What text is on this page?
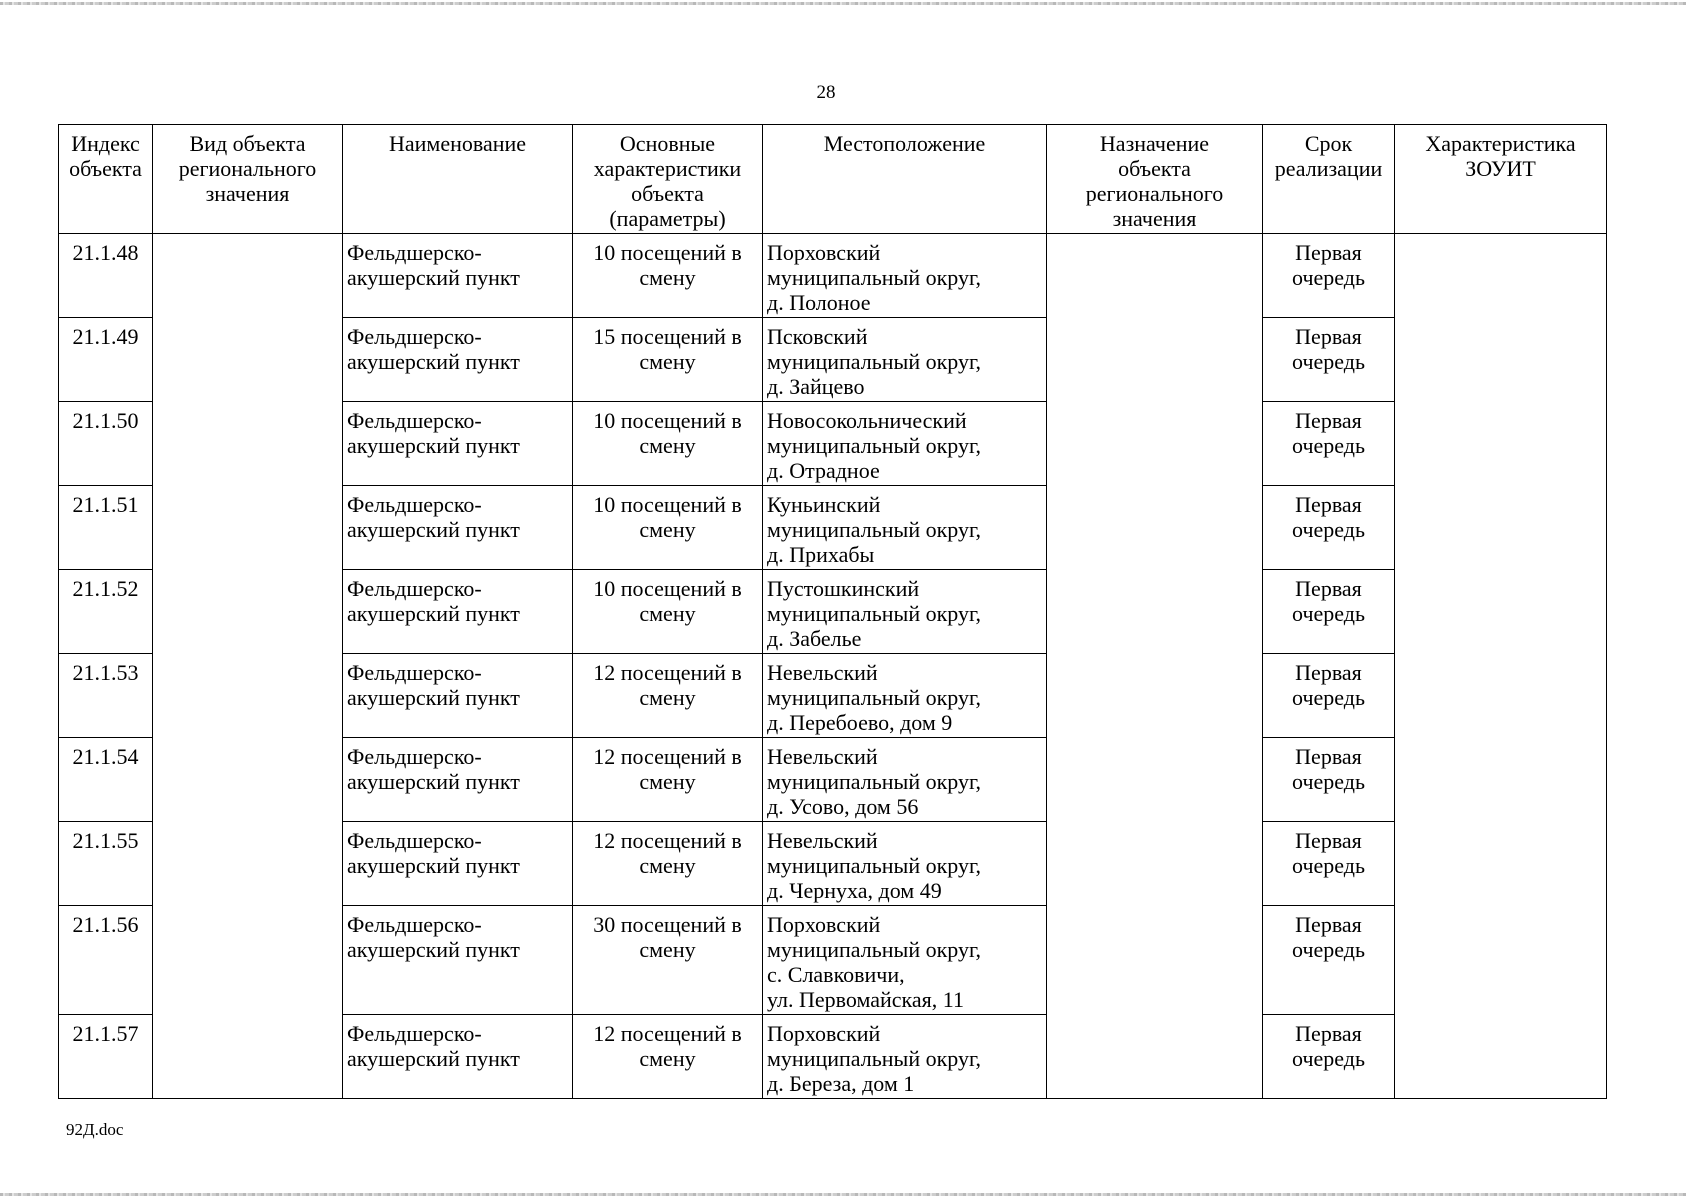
28
Индекс
объекта	Вид объекта
регионального
значения	Наименование	Основные
характеристики
объекта
(параметры)	Местоположение	Назначение
объекта
регионального
значения	Срок
реализации	Характеристика
ЗОУИТ

21.1.48		Фельдшерско-
акушерский пункт	10 посещений в
смену	Порховский
муниципальный округ,
д. Полоное		Первая
очередь	

21.1.49		Фельдшерско-
акушерский пункт	15 посещений в
смену	Псковский
муниципальный округ,
д. Зайцево		Первая
очередь	

21.1.50		Фельдшерско-
акушерский пункт	10 посещений в
смену	Новосокольнический
муниципальный округ,
д. Отрадное		Первая
очередь	

21.1.51		Фельдшерско-
акушерский пункт	10 посещений в
смену	Куньинский
муниципальный округ,
д. Прихабы		Первая
очередь	

21.1.52		Фельдшерско-
акушерский пункт	10 посещений в
смену	Пустошкинский
муниципальный округ,
д. Забелье		Первая
очередь	

21.1.53		Фельдшерско-
акушерский пункт	12 посещений в
смену	Невельский
муниципальный округ,
д. Перебоево, дом 9		Первая
очередь	

21.1.54		Фельдшерско-
акушерский пункт	12 посещений в
смену	Невельский
муниципальный округ,
д. Усово, дом 56		Первая
очередь	

21.1.55		Фельдшерско-
акушерский пункт	12 посещений в
смену	Невельский
муниципальный округ,
д. Чернуха, дом 49		Первая
очередь	

21.1.56		Фельдшерско-
акушерский пункт	30 посещений в
смену	Порховский
муниципальный округ,
с. Славковичи,
ул. Первомайская, 11		Первая
очередь	

21.1.57		Фельдшерско-
акушерский пункт	12 посещений в
смену	Порховский
муниципальный округ,
д. Береза, дом 1		Первая
очередь	
92Д.doc
